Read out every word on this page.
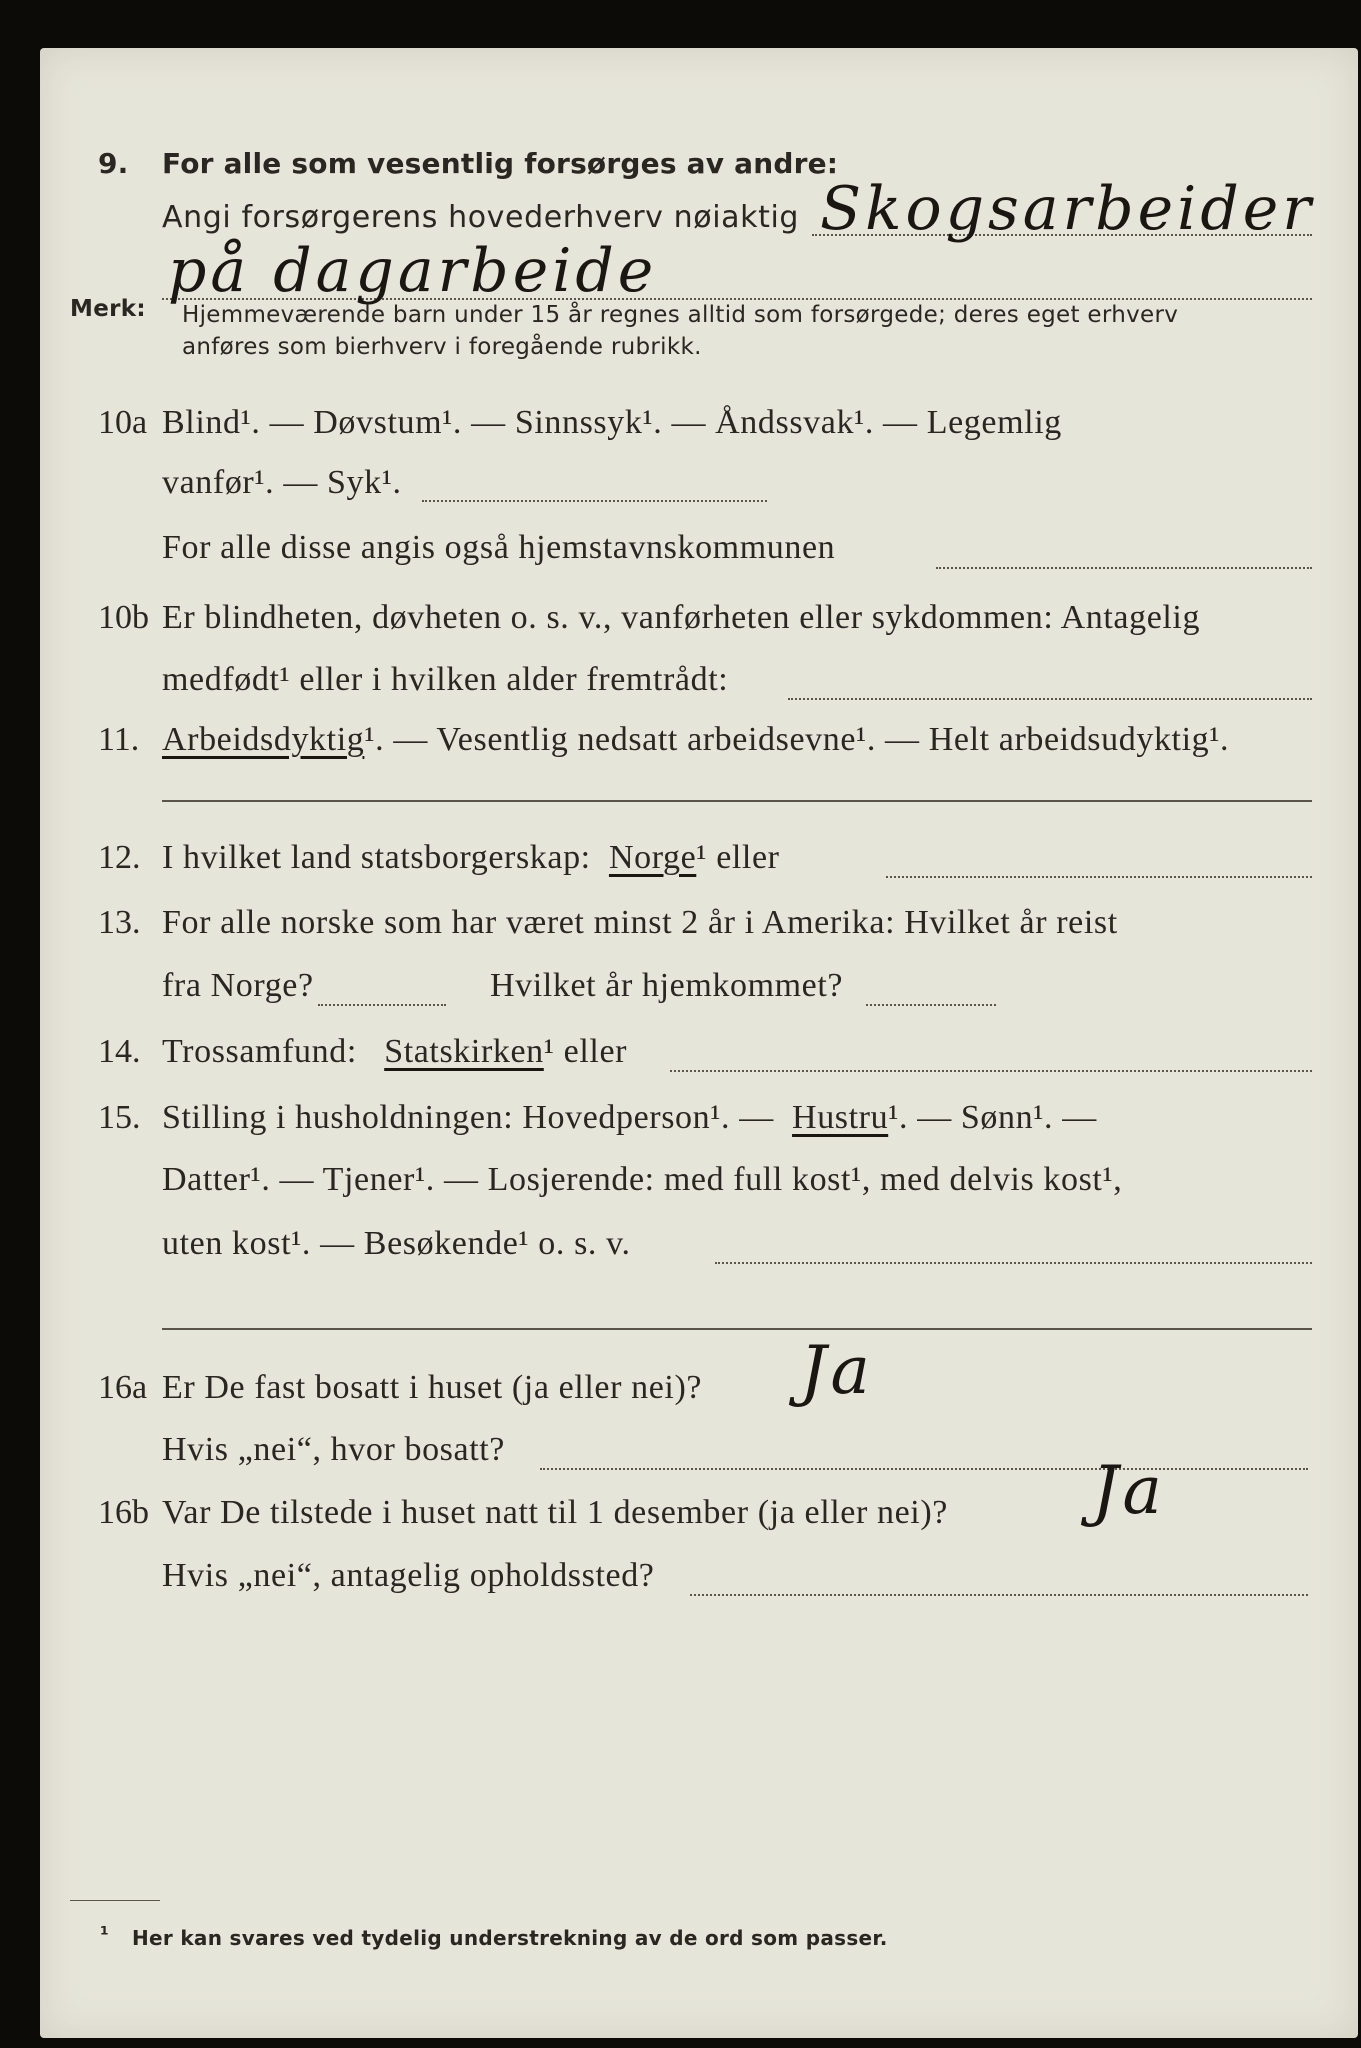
9. For alle som vesentlig forsørges av andre:
Angi forsørgerens hovederhverv nøiaktig Skogsarbeider
på dagarbeide
Merk: Hjemmeværende barn under 15 år regnes alltid som forsørgede; deres eget erhverv
anføres som bierhverv i foregående rubrikk.
10a Blind¹. — Døvstum¹. — Sinnssyk¹. — Åndssvak¹. — Legemlig
vanfør¹. — Syk¹.
For alle disse angis også hjemstavnskommunen
10b Er blindheten, døvheten o. s. v., vanførheten eller sykdommen: Antagelig
medfødt¹ eller i hvilken alder fremtrådt:
11. Arbeidsdyktig¹. — Vesentlig nedsatt arbeidsevne¹. — Helt arbeidsudyktig¹.
12. I hvilket land statsborgerskap: Norge¹ eller
13. For alle norske som har været minst 2 år i Amerika: Hvilket år reist
fra Norge?	Hvilket år hjemkommet?
14. Trossamfund: Statskirken¹ eller
15. Stilling i husholdningen: Hovedperson¹. — Hustru¹. — Sønn¹. —
Datter¹. — Tjener¹. — Losjerende: med full kost¹, med delvis kost¹,
uten kost¹. — Besøkende¹ o. s. v.
16a Er De fast bosatt i huset (ja eller nei)? Ja
Hvis „nei“, hvor bosatt?
16b Var De tilstede i huset natt til 1 desember (ja eller nei)? Ja
Hvis „nei“, antagelig opholdssted?
¹ Her kan svares ved tydelig understrekning av de ord som passer.
